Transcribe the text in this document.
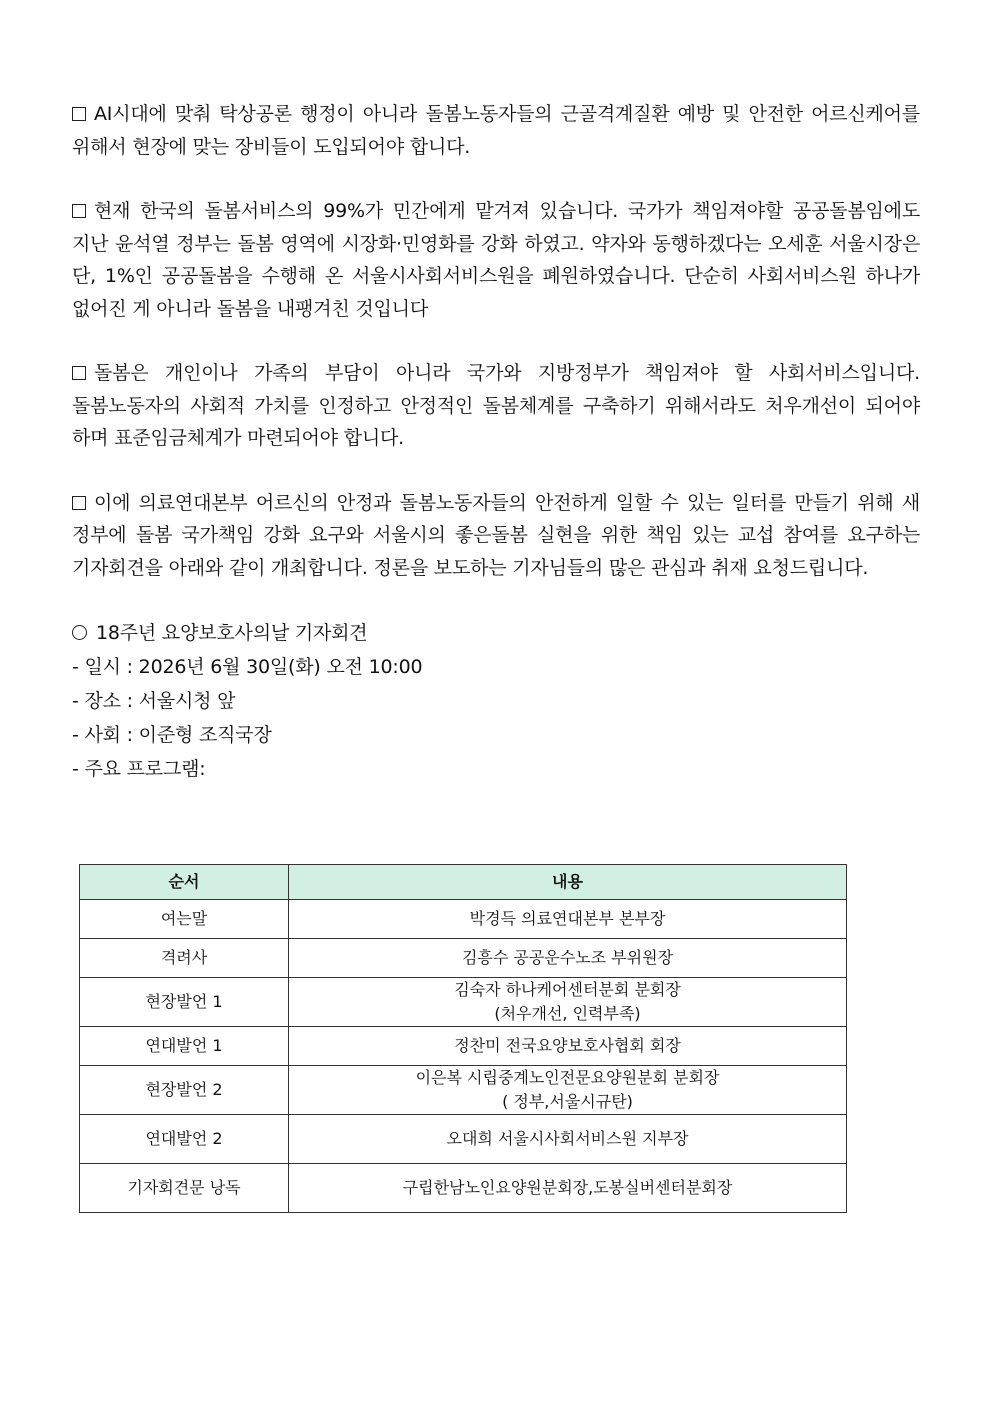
AI시대에 맞춰 탁상공론 행정이 아니라 돌봄노동자들의 근골격계질환 예방 및 안전한 어르신케어를 위해서 현장에 맞는 장비들이 도입되어야 합니다.

현재 한국의 돌봄서비스의 99%가 민간에게 맡겨져 있습니다. 국가가 책임져야할 공공돌봄임에도 지난 윤석열 정부는 돌봄 영역에 시장화·민영화를 강화 하였고. 약자와 동행하겠다는 오세훈 서울시장은 단, 1%인 공공돌봄을 수행해 온 서울시사회서비스원을 폐원하였습니다. 단순히 사회서비스원 하나가 없어진 게 아니라 돌봄을 내팽겨친 것입니다

돌봄은 개인이나 가족의 부담이 아니라 국가와 지방정부가 책임져야 할 사회서비스입니다. 돌봄노동자의 사회적 가치를 인정하고 안정적인 돌봄체계를 구축하기 위해서라도 처우개선이 되어야 하며 표준임금체계가 마련되어야 합니다.

이에 의료연대본부 어르신의 안정과 돌봄노동자들의 안전하게 일할 수 있는 일터를 만들기 위해 새 정부에 돌봄 국가책임 강화 요구와 서울시의 좋은돌봄 실현을 위한 책임 있는 교섭 참여를 요구하는 기자회견을 아래와 같이 개최합니다. 정론을 보도하는 기자님들의 많은 관심과 취재 요청드립니다.

18주년 요양보호사의날 기자회견

- 일시 : 2026년 6월 30일(화) 오전 10:00

- 장소 : 서울시청 앞

- 사회 : 이준형 조직국장

- 주요 프로그램:

순서	내용
여는말	박경득 의료연대본부 본부장
격려사	김흥수 공공운수노조 부위원장
현장발언 1	김숙자 하나케어센터분회 분회장
(처우개선, 인력부족)

연대발언 1	정찬미 전국요양보호사협회 회장
현장발언 2	이은복 시립중계노인전문요양원분회 분회장
( 정부,서울시규탄)

연대발언 2	오대희 서울시사회서비스원 지부장
기자회견문 낭독	구립한남노인요양원분회장,도봉실버센터분회장
